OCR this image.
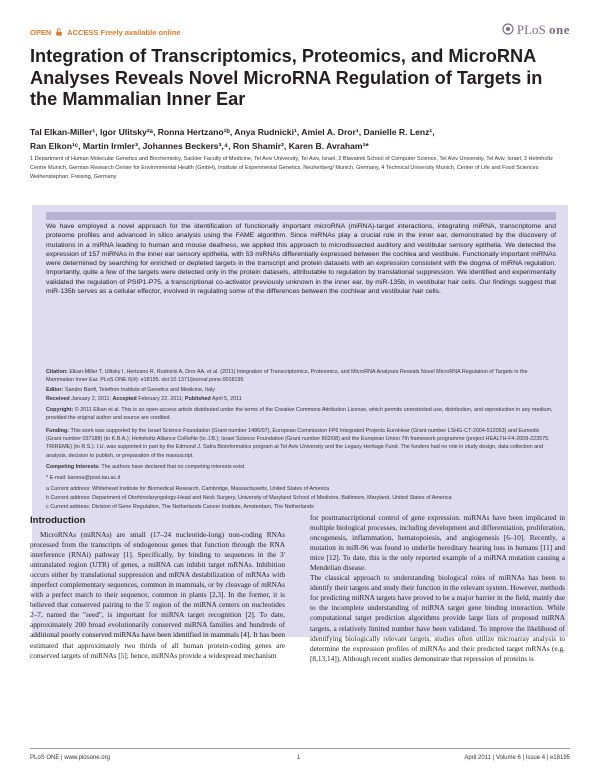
OPEN ACCESS Freely available online	PLoS one
Integration of Transcriptomics, Proteomics, and MicroRNA Analyses Reveals Novel MicroRNA Regulation of Targets in the Mammalian Inner Ear
Tal Elkan-Miller¹, Igor Ulitsky²ᵃ, Ronna Hertzano¹ᵇ, Anya Rudnicki¹, Amiel A. Dror¹, Danielle R. Lenz¹,
Ran Elkon¹ᶜ, Martin Irmler³, Johannes Beckers³,⁴, Ron Shamir², Karen B. Avraham¹*
1 Department of Human Molecular Genetics and Biochemistry, Sackler Faculty of Medicine, Tel Aviv University, Tel Aviv, Israel, 2 Blavatnik School of Computer Science, Tel Aviv University, Tel Aviv, Israel, 3 Helmholtz Centre Munich, German Research Center for Environmental Health (GmbH), Institute of Experimental Genetics, Neuherberg/ Munich, Germany, 4 Technical University Munich, Center of Life and Food Sciences Weihenstephan, Freising, Germany
We have employed a novel approach for the identification of functionally important microRNA (miRNA)-target interactions, integrating miRNA, transcriptome and proteome profiles and advanced in silico analysis using the FAME algorithm. Since miRNAs play a crucial role in the inner ear, demonstrated by the discovery of mutations in a miRNA leading to human and mouse deafness, we applied this approach to microdissected auditory and vestibular sensory epithelia. We detected the expression of 157 miRNAs in the inner ear sensory epithelia, with 53 miRNAs differentially expressed between the cochlea and vestibule. Functionally important miRNAs were determined by searching for enriched or depleted targets in the transcript and protein datasets with an expression consistent with the dogma of miRNA regulation. Importantly, quite a few of the targets were detected only in the protein datasets, attributable to regulation by translational suppression. We identified and experimentally validated the regulation of PSIP1-P75, a transcriptional co-activator previously unknown in the inner ear, by miR-135b, in vestibular hair cells. Our findings suggest that miR-135b serves as a cellular effector, involved in regulating some of the differences between the cochlear and vestibular hair cells.
Citation: Elkan-Miller T, Ulitsky I, Hertzano R, Rudnicki A, Dror AA, et al. (2011) Integration of Transcriptomics, Proteomics, and MicroRNA Analyses Reveals Novel MicroRNA Regulation of Targets in the Mammalian Inner Ear. PLoS ONE 6(4): e18195. doi:10.1371/journal.pone.0018195
Editor: Sandro Banfi, Telethon Institute of Genetics and Medicine, Italy
Received January 2, 2011; Accepted February 22, 2011; Published April 5, 2011
Copyright: © 2011 Elkan et al. This is an open-access article distributed under the terms of the Creative Commons Attribution License, which permits unrestricted use, distribution, and reproduction in any medium, provided the original author and source are credited.
Funding: This work was supported by the Israel Science Foundation (Grant number 1486/07), European Commission FP6 Integrated Projects EuroHear (Grant number LSHG-CT-2004-512063) and Eumodic (Grant number 037188) (to K.B.A.); Helmholtz Alliance CoReNe (to J.B.); Israel Science Foundation (Grant number 802/08) and the European Union 7th framework programme (project HEALTH-F4-2009-223575, TRIREME) (to R.S.). I.U. was supported in part by the Edmond J. Safra Bioinformatics program at Tel Aviv University and the Legacy Heritage Fund. The funders had no role in study design, data collection and analysis, decision to publish, or preparation of the manuscript.
Competing Interests: The authors have declared that no competing interests exist.
* E-mail: karena@post.tau.ac.il
a Current address: Whitehead Institute for Biomedical Research, Cambridge, Massachusetts, United States of America
b Current address: Department of Otorhinolaryngology-Head and Neck Surgery, University of Maryland School of Medicine, Baltimore, Maryland, United States of America
c Current address: Division of Gene Regulation, The Netherlands Cancer Institute, Amsterdam, The Netherlands
Introduction
MicroRNAs (miRNAs) are small (17–24 nucleotide-long) non-coding RNAs processed from the transcripts of endogenous genes that function through the RNA interference (RNAi) pathway [1]. Specifically, by binding to sequences in the 3' untranslated region (UTR) of genes, a miRNA can inhibit target mRNAs. Inhibition occurs either by translational suppression and mRNA destabilization of mRNAs with imperfect complementary sequences, common in mammals, or by cleavage of mRNAs with a perfect match to their sequence, common in plants [2,3]. In the former, it is believed that conserved pairing to the 5' region of the miRNA centers on nucleotides 2–7, named the "seed", is important for miRNA target recognition [2]. To date, approximately 200 broad evolutionarily conserved miRNA families and hundreds of additional poorly conserved miRNAs have been identified in mammals [4]. It has been estimated that approximately two thirds of all human protein-coding genes are conserved targets of miRNAs [5]; hence, miRNAs provide a widespread mechanism
for posttranscriptional control of gene expression. miRNAs have been implicated in multiple biological processes, including development and differentiation, proliferation, oncogenesis, inflammation, hematopoiesis, and angiogenesis [6–10]. Recently, a mutation in miR-96 was found to underlie hereditary hearing loss in humans [11] and mice [12]. To date, this is the only reported example of a miRNA mutation causing a Mendelian disease.
The classical approach to understanding biological roles of miRNAs has been to identify their targets and study their function in the relevant system. However, methods for predicting miRNA targets have proved to be a major barrier in the field, mainly due to the incomplete understanding of miRNA target gene binding interaction. While computational target prediction algorithms provide large lists of proposed miRNA targets, a relatively limited number have been validated. To improve the likelihood of identifying biologically relevant targets, studies often utilize microarray analysis to determine the expression profiles of miRNAs and their predicted target mRNAs (e.g. [8,13,14]). Although recent studies demonstrate that repression of proteins is
PLoS ONE | www.plosone.org	1	April 2011 | Volume 6 | Issue 4 | e18195
